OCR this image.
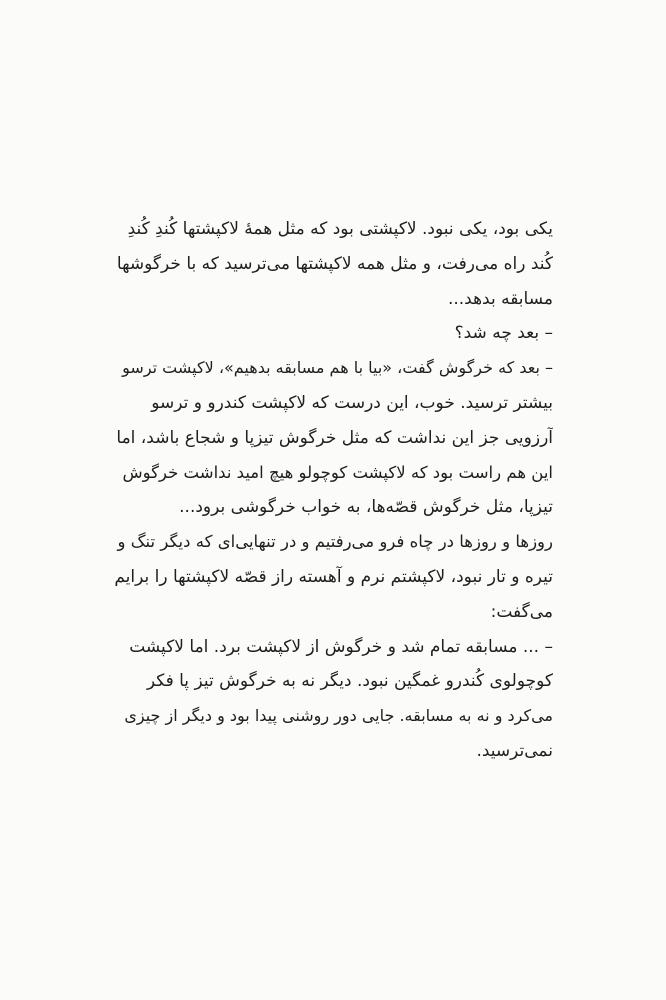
یکی بود، یکی نبود. لاکپشتی بود که مثل همهٔ لاکپشتها کُندِ کُندِ
کُند راه می‌رفت، و مثل همه لاکپشتها می‌ترسید که با خرگوشها
مسابقه بدهد...
– بعد چه شد؟
– بعد که خرگوش گفت، «بیا با هم مسابقه بدهیم»، لاکپشت ترسو
بیشتر ترسید. خوب، این درست که لاکپشت کندرو و ترسو
آرزویی جز این نداشت که مثل خرگوش تیزپا و شجاع باشد، اما
این هم راست بود که لاکپشت کوچولو هیچ امید نداشت خرگوش
تیزپا، مثل خرگوش قصّه‌ها، به خواب خرگوشی برود...
روزها و روزها در چاه فرو می‌رفتیم و در تنهایی‌ای که دیگر تنگ و
تیره و تار نبود، لاکپشتم نرم و آهسته راز قصّه لاکپشتها را برایم
می‌گفت:
– ... مسابقه تمام شد و خرگوش از لاکپشت برد. اما لاکپشت
کوچولوی کُندرو غمگین نبود. دیگر نه به خرگوش تیز پا فکر
می‌کرد و نه به مسابقه. جایی دور روشنی پیدا بود و دیگر از چیزی
نمی‌ترسید.
